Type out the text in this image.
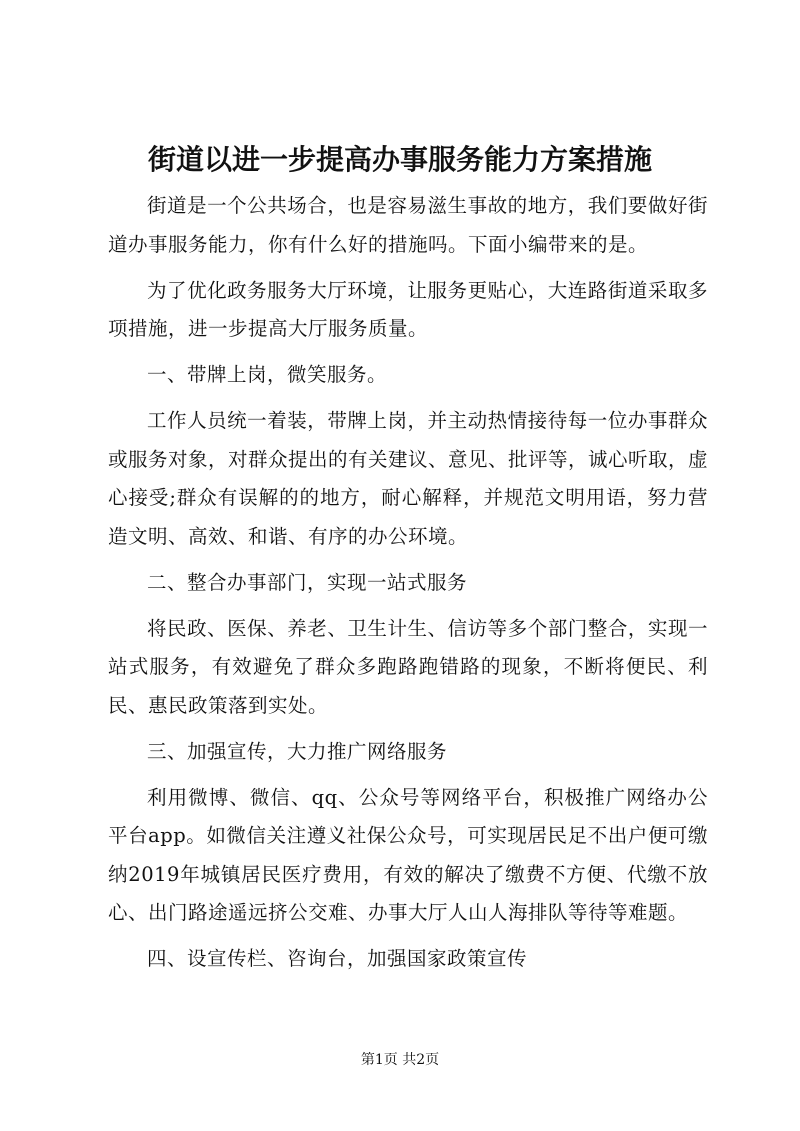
街道以进一步提高办事服务能力方案措施

街道是一个公共场合，也是容易滋生事故的地方，我们要做好街道办事服务能力，你有什么好的措施吗。下面小编带来的是。

为了优化政务服务大厅环境，让服务更贴心，大连路街道采取多项措施，进一步提高大厅服务质量。

一、带牌上岗，微笑服务。

工作人员统一着装，带牌上岗，并主动热情接待每一位办事群众或服务对象，对群众提出的有关建议、意见、批评等，诚心听取，虚心接受;群众有误解的的地方，耐心解释，并规范文明用语，努力营造文明、高效、和谐、有序的办公环境。

二、整合办事部门，实现一站式服务

将民政、医保、养老、卫生计生、信访等多个部门整合，实现一站式服务，有效避免了群众多跑路跑错路的现象，不断将便民、利民、惠民政策落到实处。

三、加强宣传，大力推广网络服务

利用微博、微信、qq、公众号等网络平台，积极推广网络办公平台app。如微信关注遵义社保公众号，可实现居民足不出户便可缴纳2019年城镇居民医疗费用，有效的解决了缴费不方便、代缴不放心、出门路途遥远挤公交难、办事大厅人山人海排队等待等难题。

四、设宣传栏、咨询台，加强国家政策宣传

第1页 共2页
